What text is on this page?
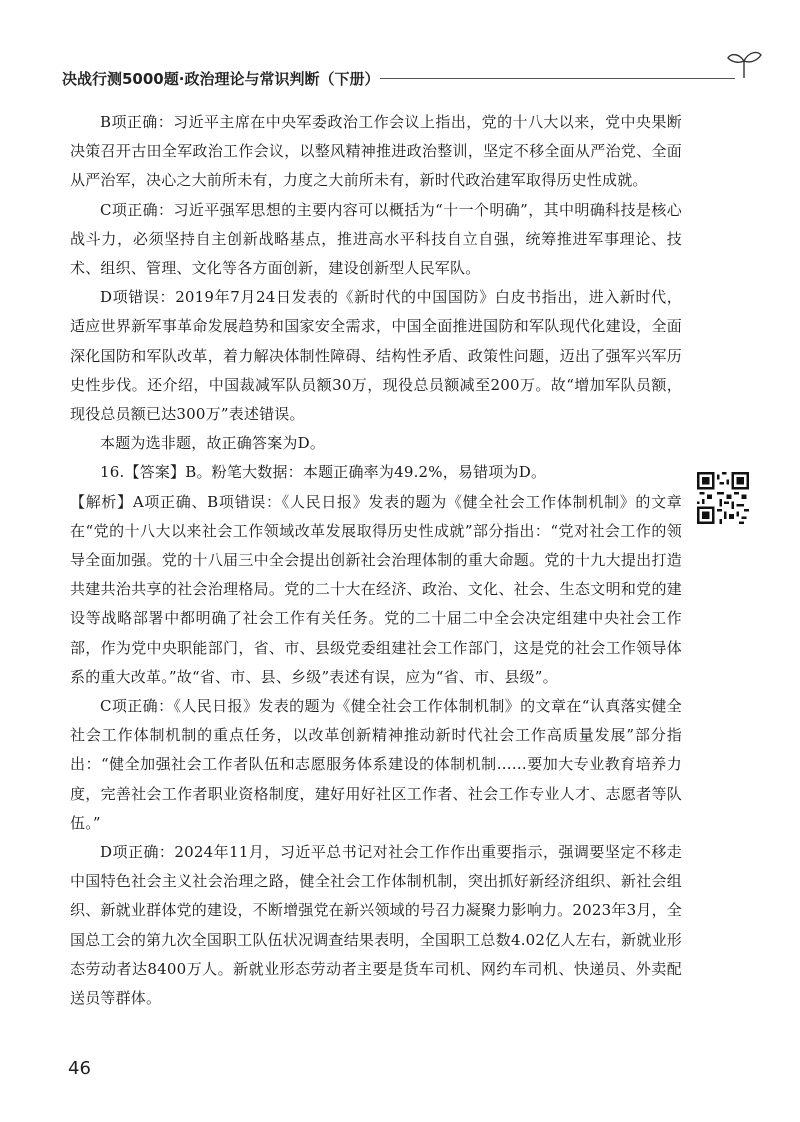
决战行测5000题·政治理论与常识判断（下册）

B项正确：习近平主席在中央军委政治工作会议上指出，党的十八大以来，党中央果断决策召开古田全军政治工作会议，以整风精神推进政治整训，坚定不移全面从严治党、全面从严治军，决心之大前所未有，力度之大前所未有，新时代政治建军取得历史性成就。

C项正确：习近平强军思想的主要内容可以概括为“十一个明确”，其中明确科技是核心战斗力，必须坚持自主创新战略基点，推进高水平科技自立自强，统筹推进军事理论、技术、组织、管理、文化等各方面创新，建设创新型人民军队。

D项错误：2019年7月24日发表的《新时代的中国国防》白皮书指出，进入新时代，适应世界新军事革命发展趋势和国家安全需求，中国全面推进国防和军队现代化建设，全面深化国防和军队改革，着力解决体制性障碍、结构性矛盾、政策性问题，迈出了强军兴军历史性步伐。还介绍，中国裁减军队员额30万，现役总员额减至200万。故“增加军队员额，现役总员额已达300万”表述错误。

本题为选非题，故正确答案为D。

16.【答案】B。粉笔大数据：本题正确率为49.2%，易错项为D。

【解析】A项正确、B项错误：《人民日报》发表的题为《健全社会工作体制机制》的文章在“党的十八大以来社会工作领域改革发展取得历史性成就”部分指出：“党对社会工作的领导全面加强。党的十八届三中全会提出创新社会治理体制的重大命题。党的十九大提出打造共建共治共享的社会治理格局。党的二十大在经济、政治、文化、社会、生态文明和党的建设等战略部署中都明确了社会工作有关任务。党的二十届二中全会决定组建中央社会工作部，作为党中央职能部门，省、市、县级党委组建社会工作部门，这是党的社会工作领导体系的重大改革。”故“省、市、县、乡级”表述有误，应为“省、市、县级”。

C项正确：《人民日报》发表的题为《健全社会工作体制机制》的文章在“认真落实健全社会工作体制机制的重点任务，以改革创新精神推动新时代社会工作高质量发展”部分指出：“健全加强社会工作者队伍和志愿服务体系建设的体制机制……要加大专业教育培养力度，完善社会工作者职业资格制度，建好用好社区工作者、社会工作专业人才、志愿者等队伍。”

D项正确：2024年11月，习近平总书记对社会工作作出重要指示，强调要坚定不移走中国特色社会主义社会治理之路，健全社会工作体制机制，突出抓好新经济组织、新社会组织、新就业群体党的建设，不断增强党在新兴领域的号召力凝聚力影响力。2023年3月，全国总工会的第九次全国职工队伍状况调查结果表明，全国职工总数4.02亿人左右，新就业形态劳动者达8400万人。新就业形态劳动者主要是货车司机、网约车司机、快递员、外卖配送员等群体。

46
